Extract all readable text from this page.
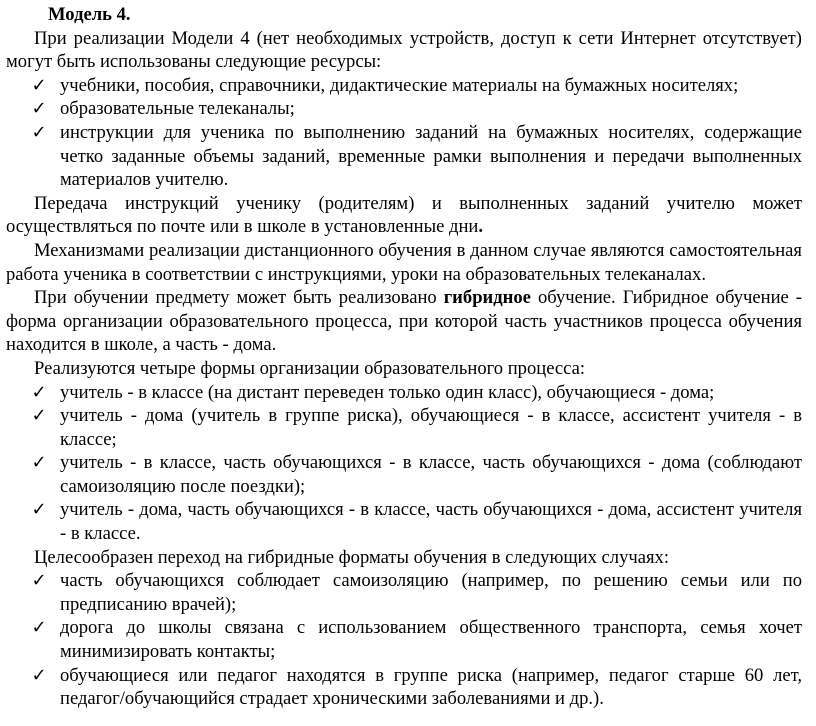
Модель 4.

При реализации Модели 4 (нет необходимых устройств, доступ к сети Интернет отсутствует) могут быть использованы следующие ресурсы:

✓ учебники, пособия, справочники, дидактические материалы на бумажных носителях;
✓ образовательные телеканалы;
✓ инструкции для ученика по выполнению заданий на бумажных носителях, содержащие четко заданные объемы заданий, временные рамки выполнения и передачи выполненных материалов учителю.

Передача инструкций ученику (родителям) и выполненных заданий учителю может осуществляться по почте или в школе в установленные дни.

Механизмами реализации дистанционного обучения в данном случае являются самостоятельная работа ученика в соответствии с инструкциями, уроки на образовательных телеканалах.

При обучении предмету может быть реализовано гибридное обучение. Гибридное обучение - форма организации образовательного процесса, при которой часть участников процесса обучения находится в школе, а часть - дома.

Реализуются четыре формы организации образовательного процесса:

✓ учитель - в классе (на дистант переведен только один класс), обучающиеся - дома;
✓ учитель - дома (учитель в группе риска), обучающиеся - в классе, ассистент учителя - в классе;
✓ учитель - в классе, часть обучающихся - в классе, часть обучающихся - дома (соблюдают самоизоляцию после поездки);
✓ учитель - дома, часть обучающихся - в классе, часть обучающихся - дома, ассистент учителя - в классе.

Целесообразен переход на гибридные форматы обучения в следующих случаях:

✓ часть обучающихся соблюдает самоизоляцию (например, по решению семьи или по предписанию врачей);
✓ дорога до школы связана с использованием общественного транспорта, семья хочет минимизировать контакты;
✓ обучающиеся или педагог находятся в группе риска (например, педагог старше 60 лет, педагог/обучающийся страдает хроническими заболеваниями и др.).
